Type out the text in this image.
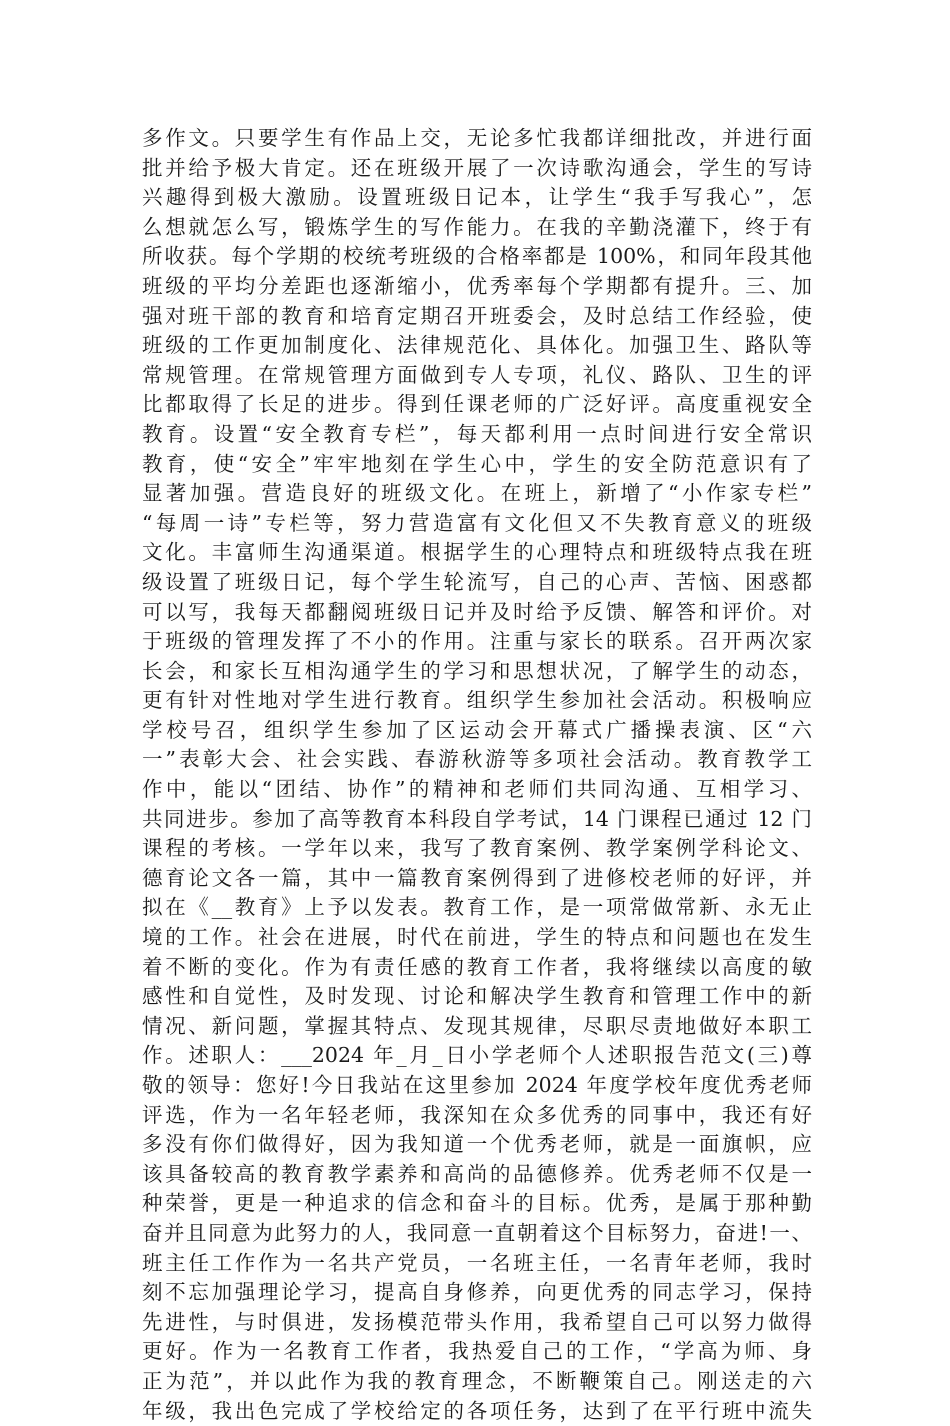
多作文。只要学生有作品上交，无论多忙我都详细批改，并进行面
批并给予极大肯定。还在班级开展了一次诗歌沟通会，学生的写诗
兴趣得到极大激励。设置班级日记本，让学生“我手写我心”，怎
么想就怎么写，锻炼学生的写作能力。在我的辛勤浇灌下，终于有
所收获。每个学期的校统考班级的合格率都是 100%，和同年段其他
班级的平均分差距也逐渐缩小，优秀率每个学期都有提升。三、加
强对班干部的教育和培育定期召开班委会，及时总结工作经验，使
班级的工作更加制度化、法律规范化、具体化。加强卫生、路队等
常规管理。在常规管理方面做到专人专项，礼仪、路队、卫生的评
比都取得了长足的进步。得到任课老师的广泛好评。高度重视安全
教育。设置“安全教育专栏”，每天都利用一点时间进行安全常识
教育，使“安全”牢牢地刻在学生心中，学生的安全防范意识有了
显著加强。营造良好的班级文化。在班上，新增了“小作家专栏”
“每周一诗”专栏等，努力营造富有文化但又不失教育意义的班级
文化。丰富师生沟通渠道。根据学生的心理特点和班级特点我在班
级设置了班级日记，每个学生轮流写，自己的心声、苦恼、困惑都
可以写，我每天都翻阅班级日记并及时给予反馈、解答和评价。对
于班级的管理发挥了不小的作用。注重与家长的联系。召开两次家
长会，和家长互相沟通学生的学习和思想状况，了解学生的动态，
更有针对性地对学生进行教育。组织学生参加社会活动。积极响应
学校号召，组织学生参加了区运动会开幕式广播操表演、区“六
一”表彰大会、社会实践、春游秋游等多项社会活动。教育教学工
作中，能以“团结、协作”的精神和老师们共同沟通、互相学习、
共同进步。参加了高等教育本科段自学考试，14 门课程已通过 12 门
课程的考核。一学年以来，我写了教育案例、教学案例学科论文、
德育论文各一篇，其中一篇教育案例得到了进修校老师的好评，并
拟在《__教育》上予以发表。教育工作，是一项常做常新、永无止
境的工作。社会在进展，时代在前进，学生的特点和问题也在发生
着不断的变化。作为有责任感的教育工作者，我将继续以高度的敏
感性和自觉性，及时发现、讨论和解决学生教育和管理工作中的新
情况、新问题，掌握其特点、发现其规律，尽职尽责地做好本职工
作。述职人：___2024 年_月_日小学老师个人述职报告范文(三)尊
敬的领导：您好!今日我站在这里参加 2024 年度学校年度优秀老师
评选，作为一名年轻老师，我深知在众多优秀的同事中，我还有好
多没有你们做得好，因为我知道一个优秀老师，就是一面旗帜，应
该具备较高的教育教学素养和高尚的品德修养。优秀老师不仅是一
种荣誉，更是一种追求的信念和奋斗的目标。优秀，是属于那种勤
奋并且同意为此努力的人，我同意一直朝着这个目标努力，奋进!一、
班主任工作作为一名共产党员，一名班主任，一名青年老师，我时
刻不忘加强理论学习，提高自身修养，向更优秀的同志学习，保持
先进性，与时俱进，发扬模范带头作用，我希望自己可以努力做得
更好。作为一名教育工作者，我热爱自己的工作，“学高为师、身
正为范”，并以此作为我的教育理念，不断鞭策自己。刚送走的六
年级，我出色完成了学校给定的各项任务，达到了在平行班中流失
